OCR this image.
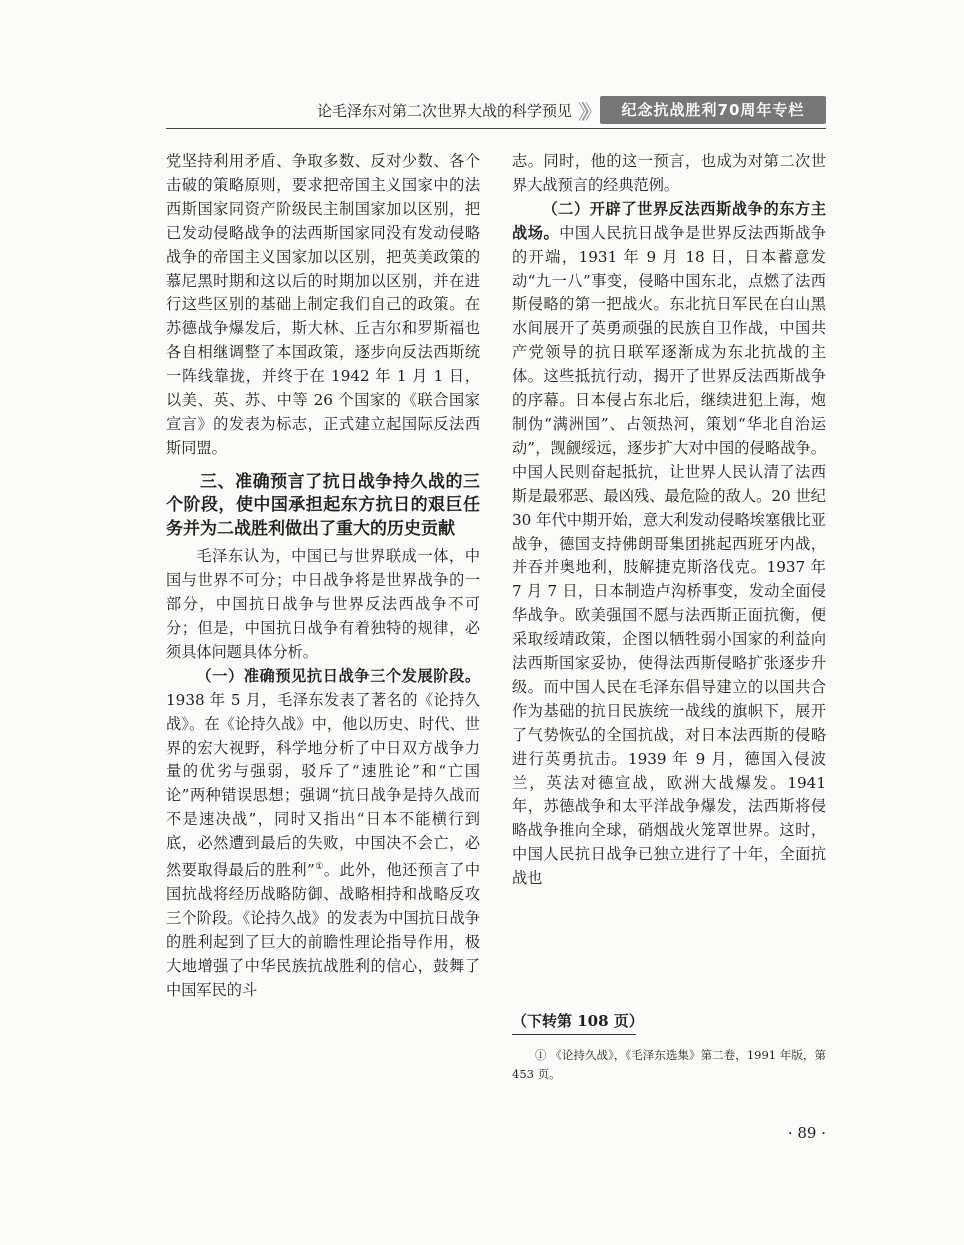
论毛泽东对第二次世界大战的科学预见 》》	纪念抗战胜利70周年专栏

党坚持利用矛盾、争取多数、反对少数、各个击破的策略原则，要求把帝国主义国家中的法西斯国家同资产阶级民主制国家加以区别，把已发动侵略战争的法西斯国家同没有发动侵略战争的帝国主义国家加以区别，把英美政策的慕尼黑时期和这以后的时期加以区别，并在进行这些区别的基础上制定我们自己的政策。在苏德战争爆发后，斯大林、丘吉尔和罗斯福也各自相继调整了本国政策，逐步向反法西斯统一阵线靠拢，并终于在 1942 年 1 月 1 日，以美、英、苏、中等 26 个国家的《联合国家宣言》的发表为标志，正式建立起国际反法西斯同盟。

三、准确预言了抗日战争持久战的三个阶段，使中国承担起东方抗日的艰巨任务并为二战胜利做出了重大的历史贡献

毛泽东认为，中国已与世界联成一体，中国与世界不可分；中日战争将是世界战争的一部分，中国抗日战争与世界反法西战争不可分；但是，中国抗日战争有着独特的规律，必须具体问题具体分析。

（一）准确预见抗日战争三个发展阶段。1938 年 5 月，毛泽东发表了著名的《论持久战》。在《论持久战》中，他以历史、时代、世界的宏大视野，科学地分析了中日双方战争力量的优劣与强弱，驳斥了“速胜论”和“亡国论”两种错误思想；强调“抗日战争是持久战而不是速决战”，同时又指出“日本不能横行到底，必然遭到最后的失败，中国决不会亡，必然要取得最后的胜利”①。此外，他还预言了中国抗战将经历战略防御、战略相持和战略反攻三个阶段。《论持久战》的发表为中国抗日战争的胜利起到了巨大的前瞻性理论指导作用，极大地增强了中华民族抗战胜利的信心，鼓舞了中国军民的斗

志。同时，他的这一预言，也成为对第二次世界大战预言的经典范例。

（二）开辟了世界反法西斯战争的东方主战场。中国人民抗日战争是世界反法西斯战争的开端，1931 年 9 月 18 日，日本蓄意发动“九一八”事变，侵略中国东北，点燃了法西斯侵略的第一把战火。东北抗日军民在白山黑水间展开了英勇顽强的民族自卫作战，中国共产党领导的抗日联军逐渐成为东北抗战的主体。这些抵抗行动，揭开了世界反法西斯战争的序幕。日本侵占东北后，继续进犯上海，炮制伪“满洲国”、占领热河，策划“华北自治运动”，觊觎绥远，逐步扩大对中国的侵略战争。中国人民则奋起抵抗，让世界人民认清了法西斯是最邪恶、最凶残、最危险的敌人。20 世纪 30 年代中期开始，意大利发动侵略埃塞俄比亚战争，德国支持佛朗哥集团挑起西班牙内战，并吞并奥地利，肢解捷克斯洛伐克。1937 年 7 月 7 日，日本制造卢沟桥事变，发动全面侵华战争。欧美强国不愿与法西斯正面抗衡，便采取绥靖政策，企图以牺牲弱小国家的利益向法西斯国家妥协，使得法西斯侵略扩张逐步升级。而中国人民在毛泽东倡导建立的以国共合作为基础的抗日民族统一战线的旗帜下，展开了气势恢弘的全国抗战，对日本法西斯的侵略进行英勇抗击。1939 年 9 月，德国入侵波兰，英法对德宣战，欧洲大战爆发。1941 年，苏德战争和太平洋战争爆发，法西斯将侵略战争推向全球，硝烟战火笼罩世界。这时，中国人民抗日战争已独立进行了十年，全面抗战也

（下转第 108 页）
① 《论持久战》，《毛泽东选集》第二卷，1991 年版，第 453 页。
· 89 ·
